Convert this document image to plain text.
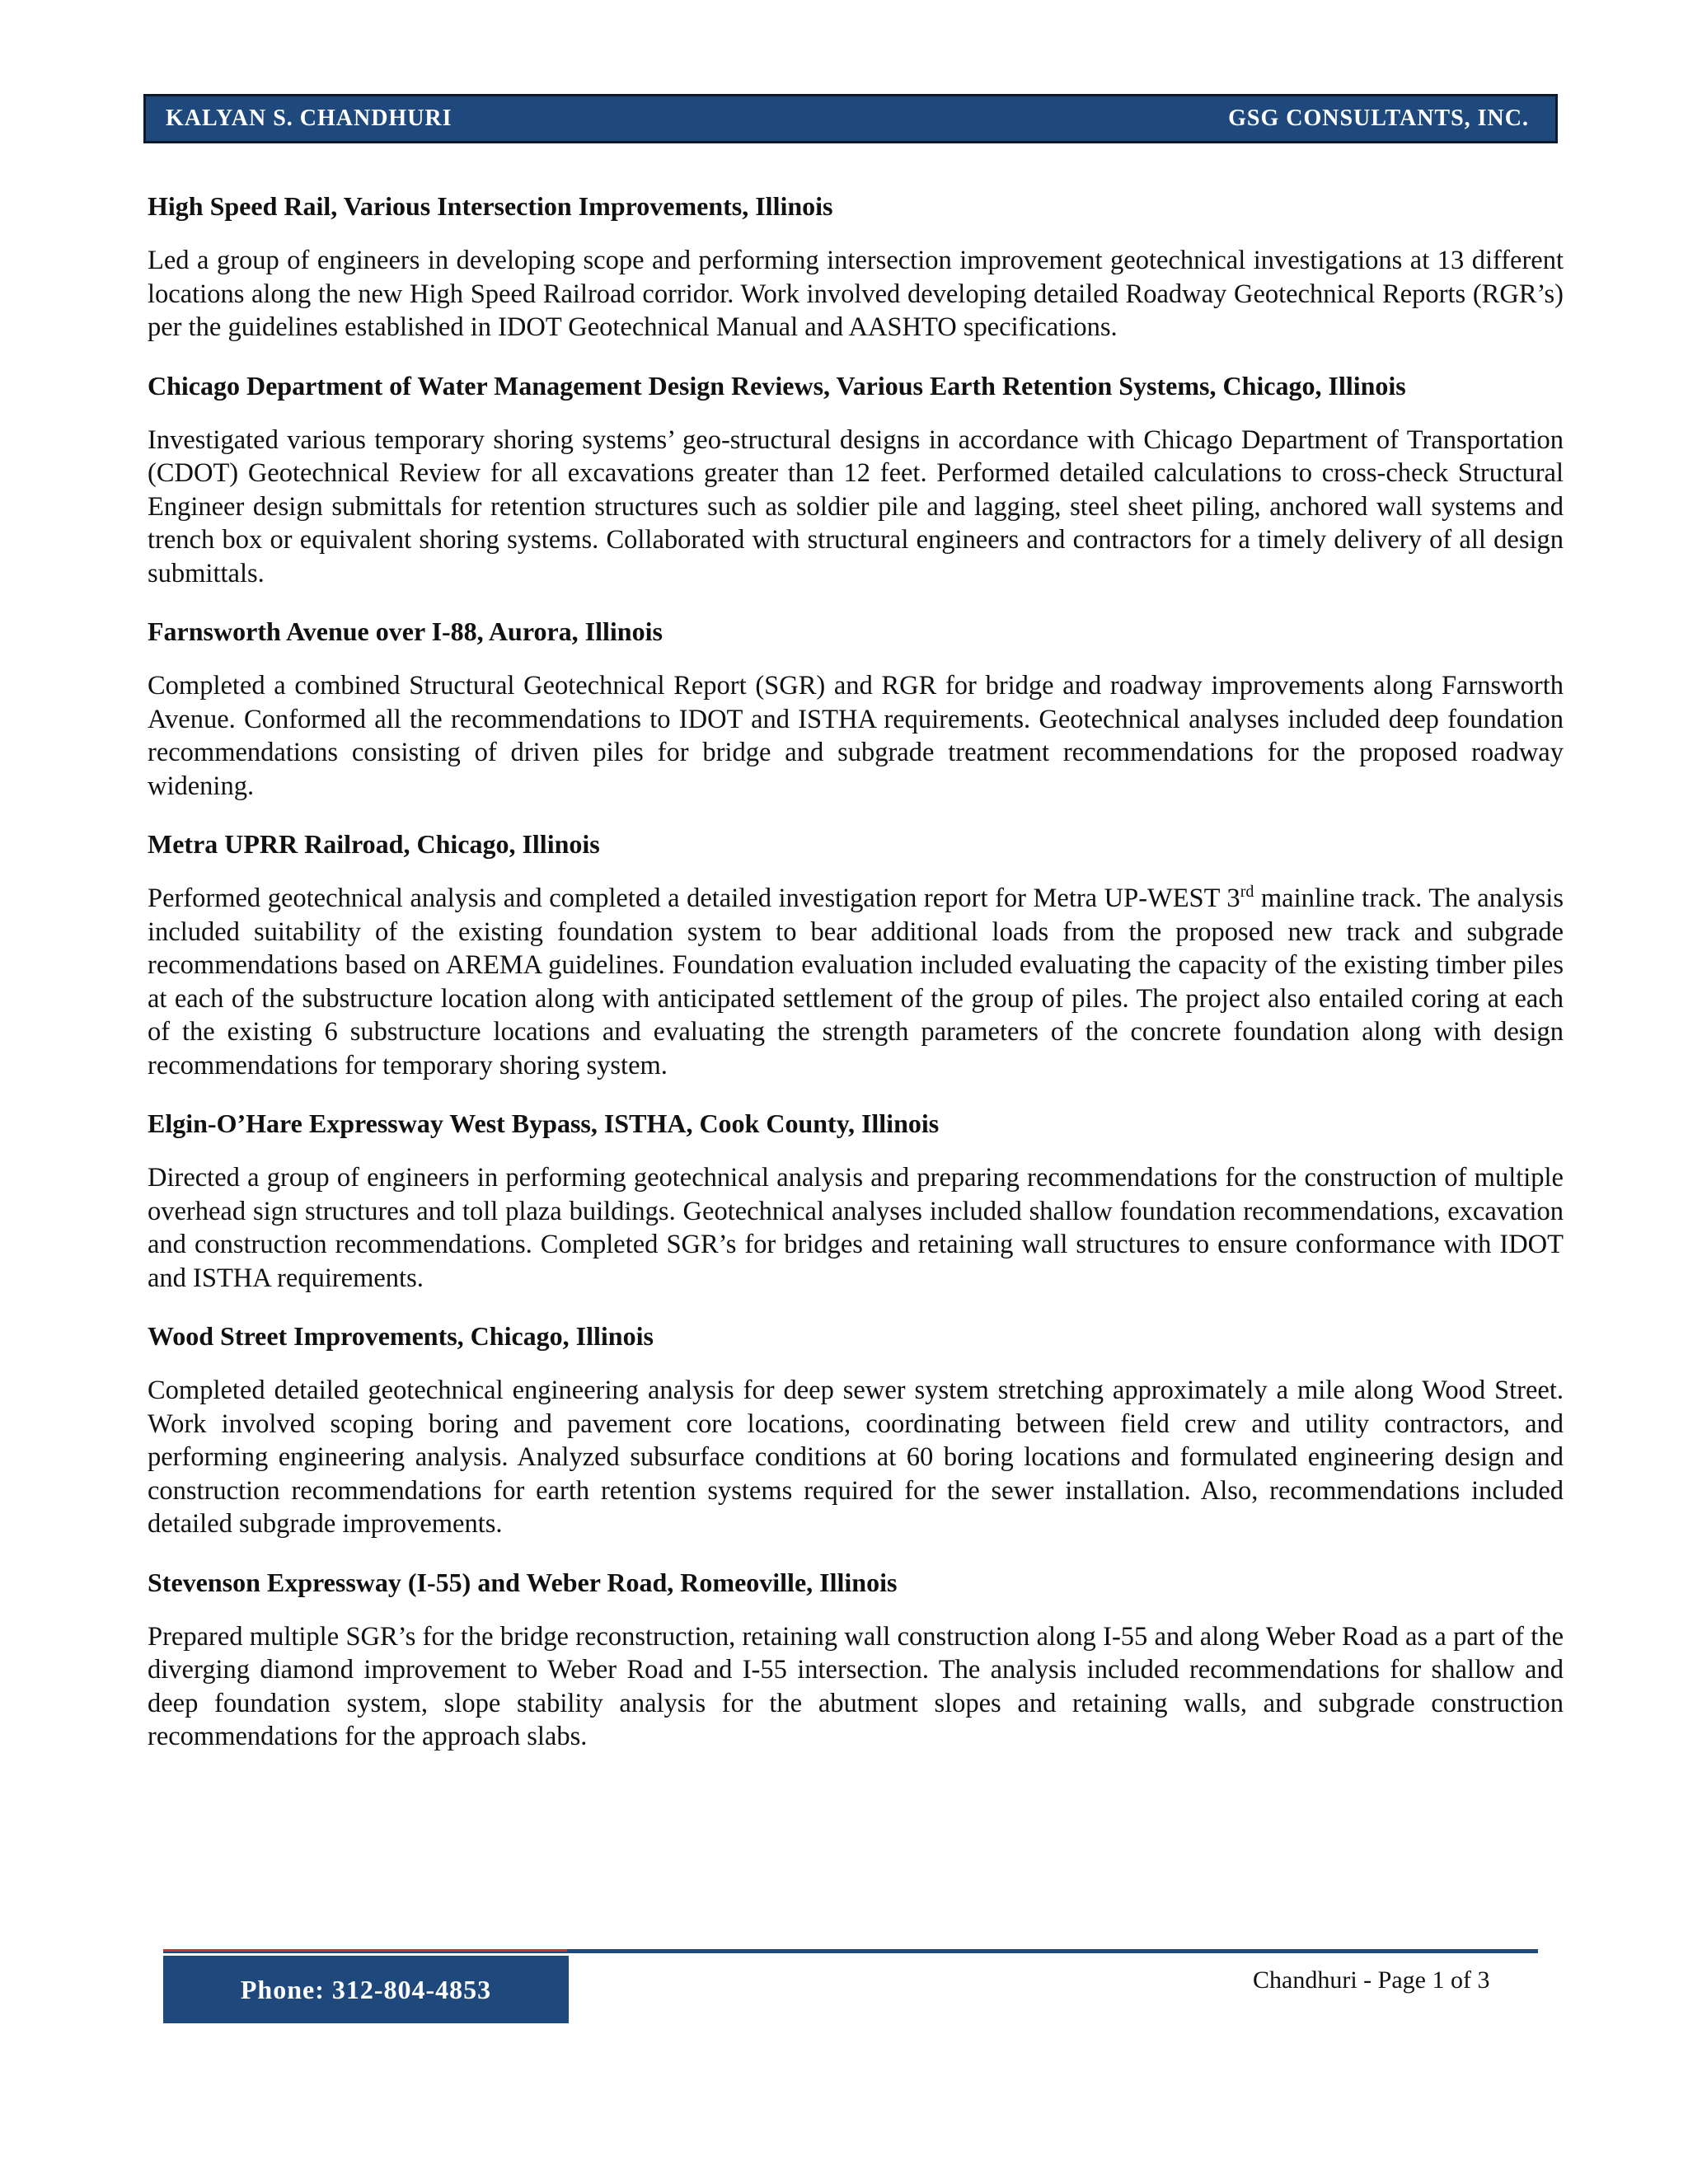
KALYAN S. CHANDHURI	GSG CONSULTANTS, INC.

High Speed Rail, Various Intersection Improvements, Illinois

Led a group of engineers in developing scope and performing intersection improvement geotechnical investigations at 13 different locations along the new High Speed Railroad corridor. Work involved developing detailed Roadway Geotechnical Reports (RGR’s) per the guidelines established in IDOT Geotechnical Manual and AASHTO specifications.

Chicago Department of Water Management Design Reviews, Various Earth Retention Systems, Chicago, Illinois

Investigated various temporary shoring systems’ geo-structural designs in accordance with Chicago Department of Transportation (CDOT) Geotechnical Review for all excavations greater than 12 feet. Performed detailed calculations to cross-check Structural Engineer design submittals for retention structures such as soldier pile and lagging, steel sheet piling, anchored wall systems and trench box or equivalent shoring systems. Collaborated with structural engineers and contractors for a timely delivery of all design submittals.

Farnsworth Avenue over I-88, Aurora, Illinois

Completed a combined Structural Geotechnical Report (SGR) and RGR for bridge and roadway improvements along Farnsworth Avenue. Conformed all the recommendations to IDOT and ISTHA requirements. Geotechnical analyses included deep foundation recommendations consisting of driven piles for bridge and subgrade treatment recommendations for the proposed roadway widening.

Metra UPRR Railroad, Chicago, Illinois

Performed geotechnical analysis and completed a detailed investigation report for Metra UP-WEST 3rd mainline track. The analysis included suitability of the existing foundation system to bear additional loads from the proposed new track and subgrade recommendations based on AREMA guidelines. Foundation evaluation included evaluating the capacity of the existing timber piles at each of the substructure location along with anticipated settlement of the group of piles. The project also entailed coring at each of the existing 6 substructure locations and evaluating the strength parameters of the concrete foundation along with design recommendations for temporary shoring system.

Elgin-O’Hare Expressway West Bypass, ISTHA, Cook County, Illinois

Directed a group of engineers in performing geotechnical analysis and preparing recommendations for the construction of multiple overhead sign structures and toll plaza buildings. Geotechnical analyses included shallow foundation recommendations, excavation and construction recommendations. Completed SGR’s for bridges and retaining wall structures to ensure conformance with IDOT and ISTHA requirements.

Wood Street Improvements, Chicago, Illinois

Completed detailed geotechnical engineering analysis for deep sewer system stretching approximately a mile along Wood Street. Work involved scoping boring and pavement core locations, coordinating between field crew and utility contractors, and performing engineering analysis. Analyzed subsurface conditions at 60 boring locations and formulated engineering design and construction recommendations for earth retention systems required for the sewer installation. Also, recommendations included detailed subgrade improvements.

Stevenson Expressway (I-55) and Weber Road, Romeoville, Illinois

Prepared multiple SGR’s for the bridge reconstruction, retaining wall construction along I-55 and along Weber Road as a part of the diverging diamond improvement to Weber Road and I-55 intersection. The analysis included recommendations for shallow and deep foundation system, slope stability analysis for the abutment slopes and retaining walls, and subgrade construction recommendations for the approach slabs.

Phone: 312-804-4853	Chandhuri - Page 1 of 3
